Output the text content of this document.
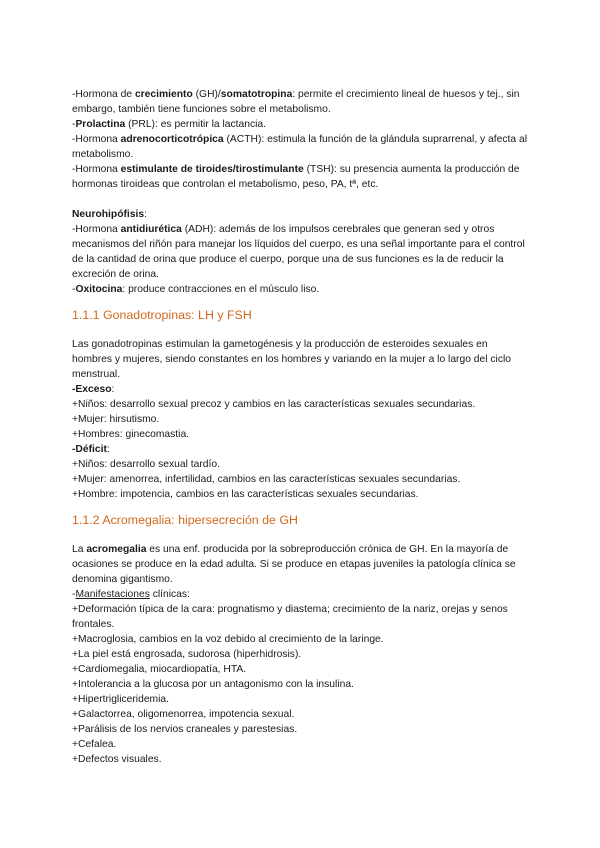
-Hormona de crecimiento (GH)/somatotropina: permite el crecimiento lineal de huesos y tej., sin embargo, también tiene funciones sobre el metabolismo.

-Prolactina (PRL): es permitir la lactancia.

-Hormona adrenocorticotrópica (ACTH): estimula la función de la glándula suprarrenal, y afecta al metabolismo.

-Hormona estimulante de tiroides/tirostimulante (TSH): su presencia aumenta la producción de hormonas tiroideas que controlan el metabolismo, peso, PA, tª, etc.

Neurohipófisis:

-Hormona antidiurética (ADH): además de los impulsos cerebrales que generan sed y otros mecanismos del riñón para manejar los líquidos del cuerpo, es una señal importante para el control de la cantidad de orina que produce el cuerpo, porque una de sus funciones es la de reducir la excreción de orina.

-Oxitocina: produce contracciones en el músculo liso.

1.1.1 Gonadotropinas: LH y FSH

Las gonadotropinas estimulan la gametogénesis y la producción de esteroides sexuales en hombres y mujeres, siendo constantes en los hombres y variando en la mujer a lo largo del ciclo menstrual.

-Exceso:

+Niños: desarrollo sexual precoz y cambios en las características sexuales secundarias.

+Mujer: hirsutismo.

+Hombres: ginecomastia.

-Déficit:

+Niños: desarrollo sexual tardío.

+Mujer: amenorrea, infertilidad, cambios en las características sexuales secundarias.

+Hombre: impotencia, cambios en las características sexuales secundarias.

1.1.2 Acromegalia: hipersecreción de GH

La acromegalia es una enf. producida por la sobreproducción crónica de GH. En la mayoría de ocasiones se produce en la edad adulta. Si se produce en etapas juveniles la patología clínica se denomina gigantismo.

-Manifestaciones clínicas:

+Deformación típica de la cara: prognatismo y diastema; crecimiento de la nariz, orejas y senos frontales.

+Macroglosia, cambios en la voz debido al crecimiento de la laringe.

+La piel está engrosada, sudorosa (hiperhidrosis).

+Cardiomegalia, miocardiopatía, HTA.

+Intolerancia a la glucosa por un antagonismo con la insulina.

+Hipertrigliceridemia.

+Galactorrea, oligomenorrea, impotencia sexual.

+Parálisis de los nervios craneales y parestesias.

+Cefalea.

+Defectos visuales.
